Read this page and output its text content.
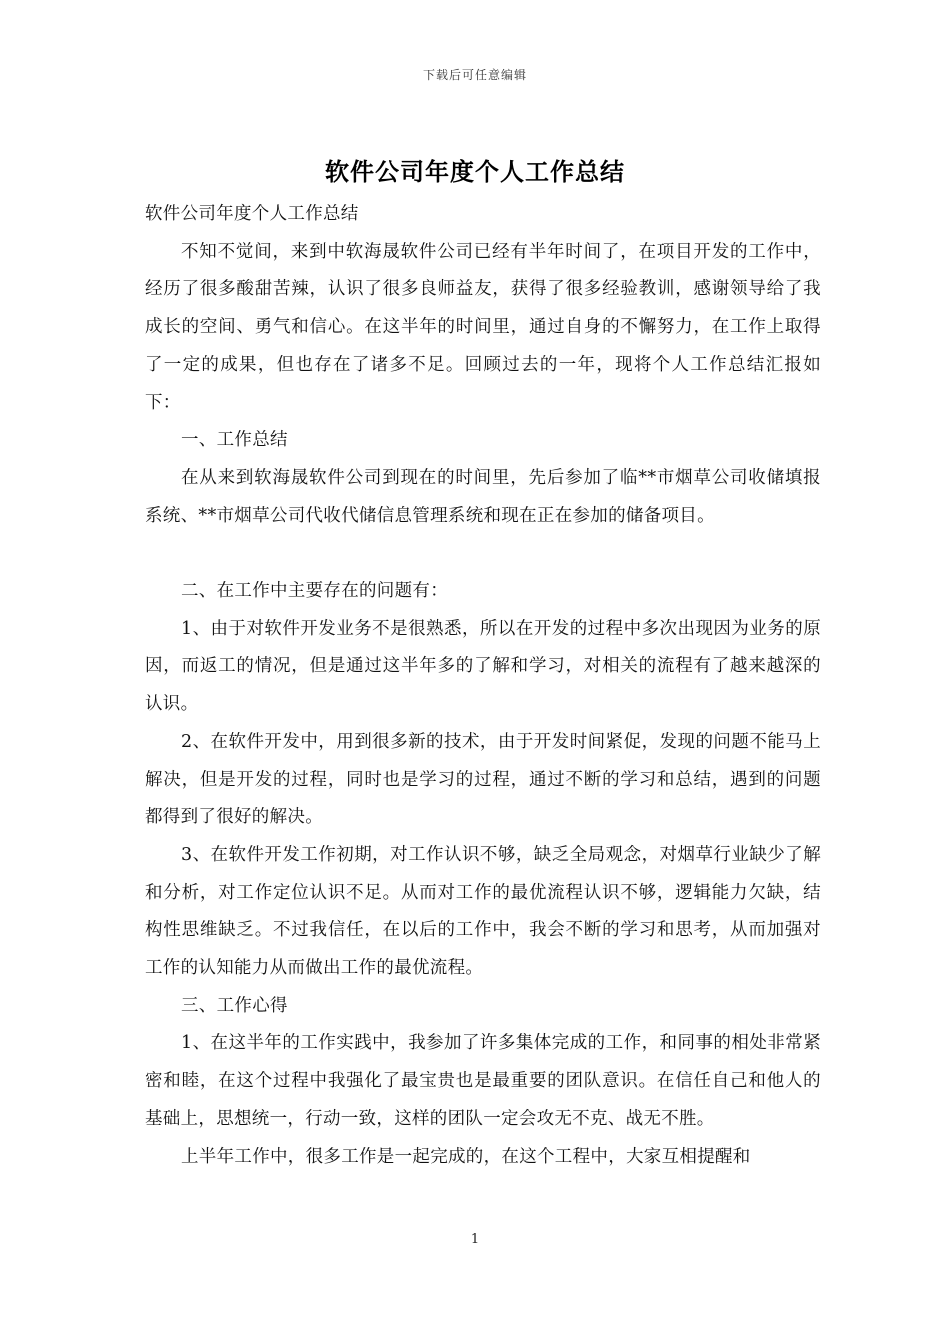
下载后可任意编辑
软件公司年度个人工作总结

软件公司年度个人工作总结

不知不觉间，来到中软海晟软件公司已经有半年时间了，在项目开发的工作中，经历了很多酸甜苦辣，认识了很多良师益友，获得了很多经验教训，感谢领导给了我成长的空间、勇气和信心。在这半年的时间里，通过自身的不懈努力，在工作上取得了一定的成果，但也存在了诸多不足。回顾过去的一年，现将个人工作总结汇报如下：

一、工作总结

在从来到软海晟软件公司到现在的时间里，先后参加了临**市烟草公司收储填报系统、**市烟草公司代收代储信息管理系统和现在正在参加的储备项目。

二、在工作中主要存在的问题有：

1、由于对软件开发业务不是很熟悉，所以在开发的过程中多次出现因为业务的原因，而返工的情况，但是通过这半年多的了解和学习，对相关的流程有了越来越深的认识。

2、在软件开发中，用到很多新的技术，由于开发时间紧促，发现的问题不能马上解决，但是开发的过程，同时也是学习的过程，通过不断的学习和总结，遇到的问题都得到了很好的解决。

3、在软件开发工作初期，对工作认识不够，缺乏全局观念，对烟草行业缺少了解和分析，对工作定位认识不足。从而对工作的最优流程认识不够，逻辑能力欠缺，结构性思维缺乏。不过我信任，在以后的工作中，我会不断的学习和思考，从而加强对工作的认知能力从而做出工作的最优流程。

三、工作心得

1、在这半年的工作实践中，我参加了许多集体完成的工作，和同事的相处非常紧密和睦，在这个过程中我强化了最宝贵也是最重要的团队意识。在信任自己和他人的基础上，思想统一，行动一致，这样的团队一定会攻无不克、战无不胜。

上半年工作中，很多工作是一起完成的，在这个工程中，大家互相提醒和

1
